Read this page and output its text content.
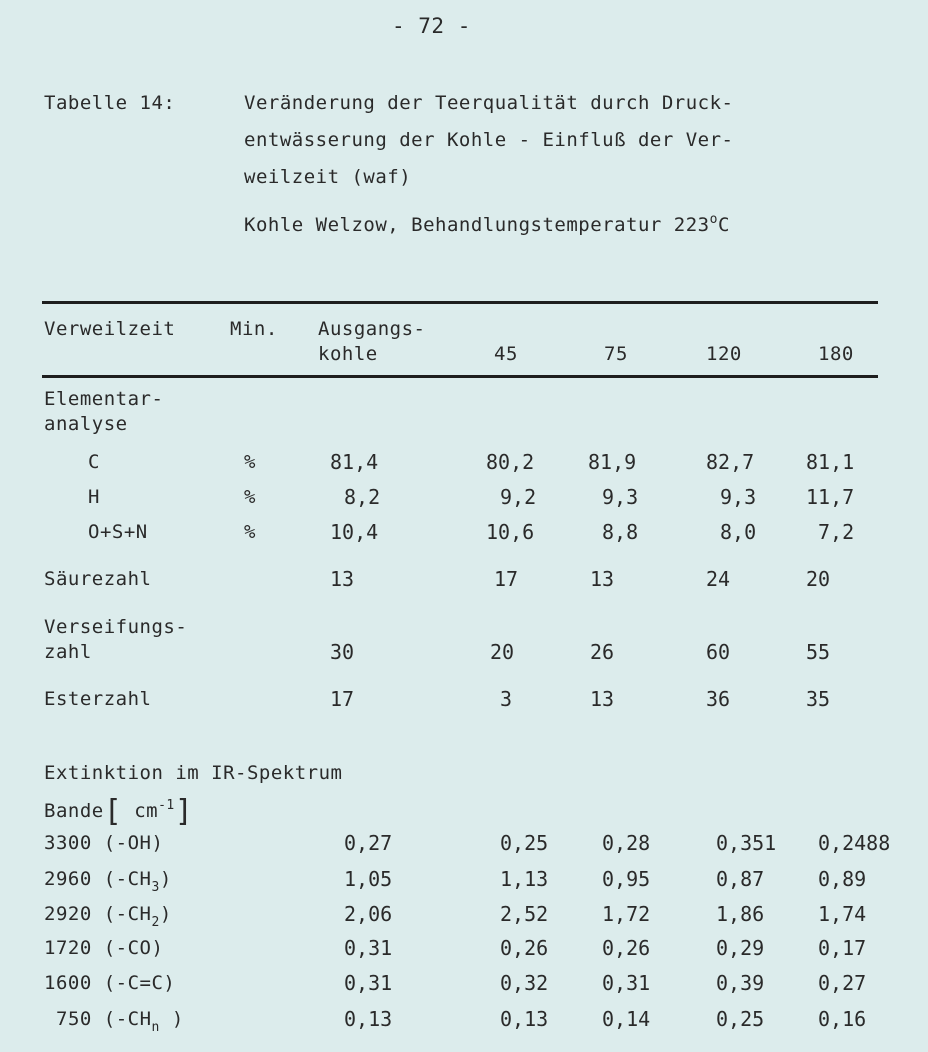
- 72 -
Tabelle 14:	Veränderung der Teerqualität durch Druck-
entwässerung der Kohle - Einfluß der Ver-
weilzeit (waf)
Kohle Welzow, Behandlungstemperatur 223$^o$C
Verweilzeit	Min. Ausgangs-
kohle	45	75	120	180
Elementar-
analyse
C	%	81,4	80,2	81,9	82,7	81,1
H	%	8,2	9,2	9,3	9,3 11,7
O+S+N	%	10,4	10,6	8,8	8,0	7,2
Säurezahl	13	17	13	24	20
Verseifungs-
zahl	30	20	26	60	55
Esterzahl	17	3	13	36	35
Extinktion im IR-Spektrum
Bande[ $cm^{-1}$]
3300 (-OH)	0,27	0,25	0,28	0,351 0,2488
2960 $(-CH_3)$	1,05	1,13	0,95	0,87	0,89
2920 $(-CH_2)$	2,06	2,52	1,72	1,86	1,74
1720 (-CO)	0,31	0,26	0,26	0,29	0,17
1600 (-C=C)	0,31	0,32	0,31	0,39	0,27
750 ($-CH_n$ )	0,13	0,13	0,14	0,25	0,16
